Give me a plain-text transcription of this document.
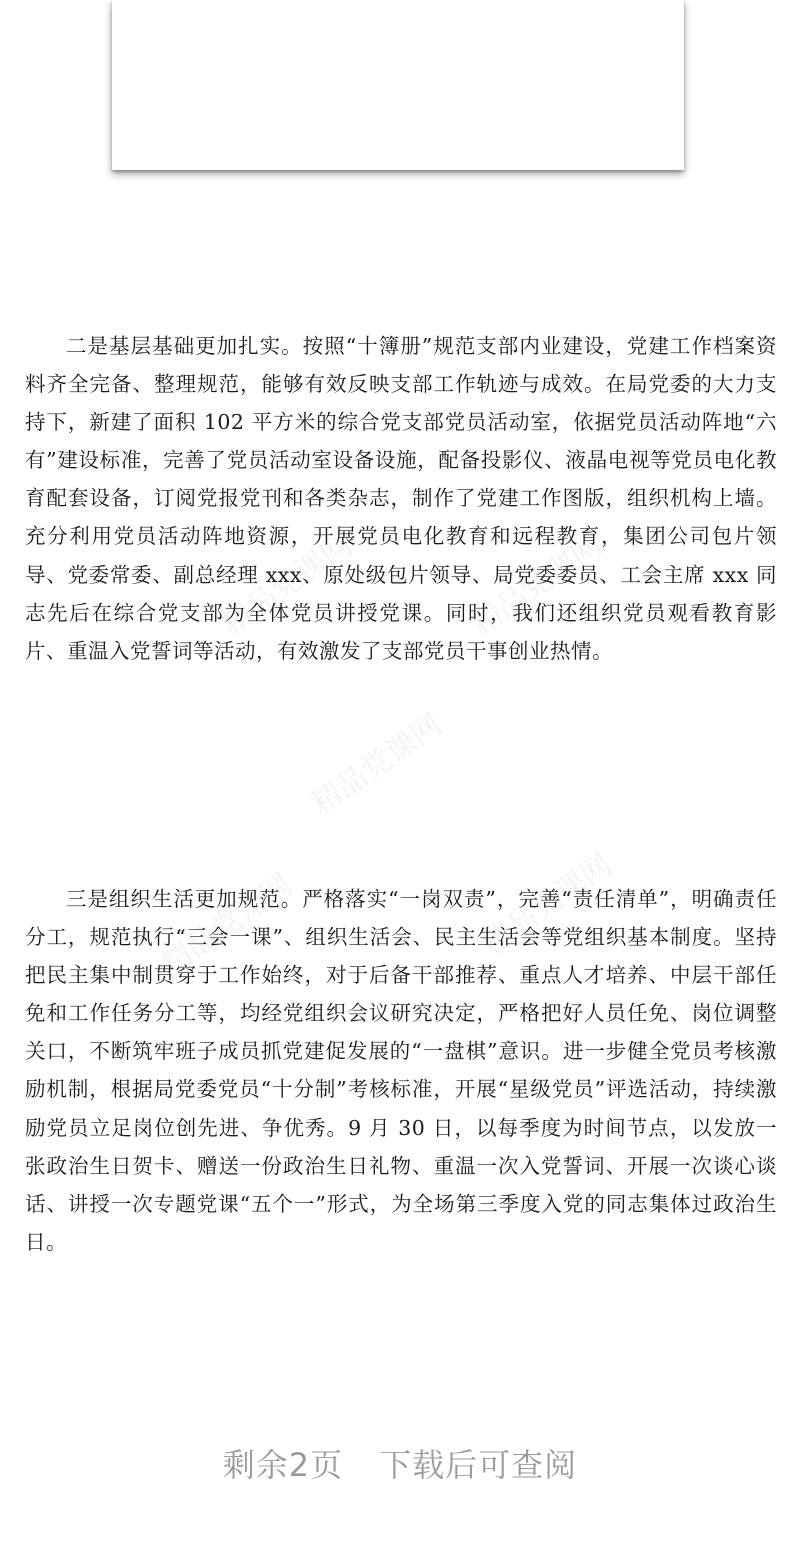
精品党课网	精品党课网
精品党课网
精品党课网	精品党课网

二是基层基础更加扎实。按照“十簿册”规范支部内业建设，党建工作档案资料齐全完备、整理规范，能够有效反映支部工作轨迹与成效。在局党委的大力支持下，新建了面积 102 平方米的综合党支部党员活动室，依据党员活动阵地“六有”建设标准，完善了党员活动室设备设施，配备投影仪、液晶电视等党员电化教育配套设备，订阅党报党刊和各类杂志，制作了党建工作图版，组织机构上墙。充分利用党员活动阵地资源，开展党员电化教育和远程教育，集团公司包片领导、党委常委、副总经理 xxx、原处级包片领导、局党委委员、工会主席 xxx 同志先后在综合党支部为全体党员讲授党课。同时，我们还组织党员观看教育影片、重温入党誓词等活动，有效激发了支部党员干事创业热情。

三是组织生活更加规范。严格落实“一岗双责”，完善“责任清单”，明确责任分工，规范执行“三会一课”、组织生活会、民主生活会等党组织基本制度。坚持把民主集中制贯穿于工作始终，对于后备干部推荐、重点人才培养、中层干部任免和工作任务分工等，均经党组织会议研究决定，严格把好人员任免、岗位调整关口，不断筑牢班子成员抓党建促发展的“一盘棋”意识。进一步健全党员考核激励机制，根据局党委党员“十分制”考核标准，开展“星级党员”评选活动，持续激励党员立足岗位创先进、争优秀。9 月 30 日，以每季度为时间节点，以发放一张政治生日贺卡、赠送一份政治生日礼物、重温一次入党誓词、开展一次谈心谈话、讲授一次专题党课“五个一”形式，为全场第三季度入党的同志集体过政治生日。

剩余2页 下载后可查阅
